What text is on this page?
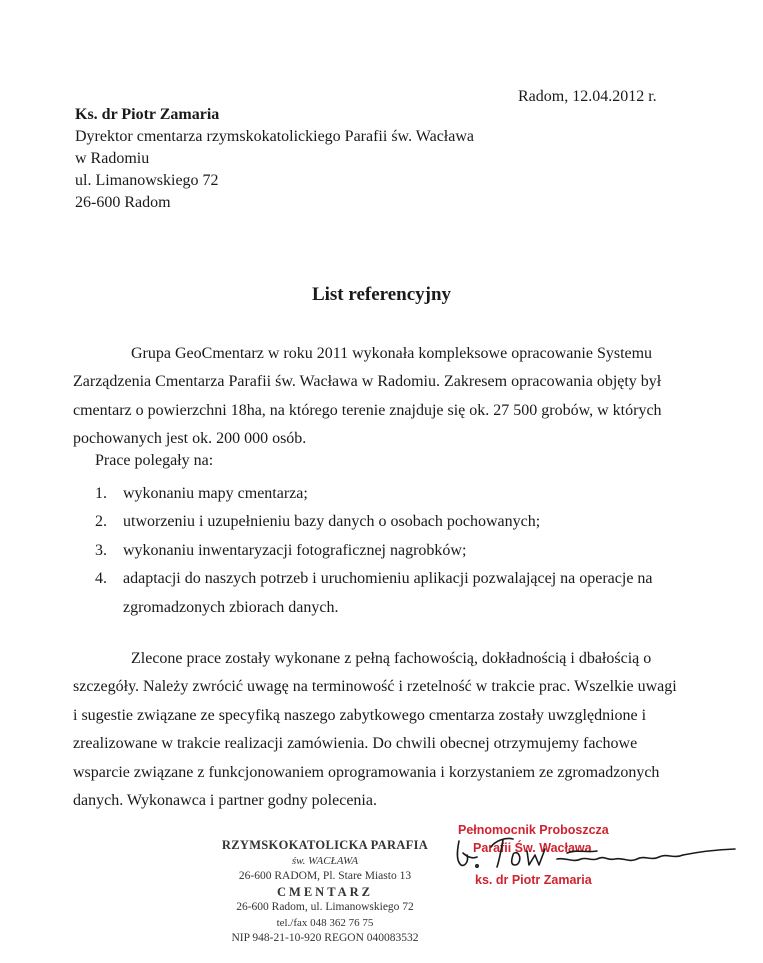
Radom, 12.04.2012 r.
Ks. dr Piotr Zamaria
Dyrektor cmentarza rzymskokatolickiego Parafii św. Wacława
w Radomiu
ul. Limanowskiego 72
26-600 Radom
List referencyjny
Grupa GeoCmentarz w roku 2011 wykonała kompleksowe opracowanie Systemu
Zarządzenia Cmentarza Parafii św. Wacława w Radomiu. Zakresem opracowania objęty był
cmentarz o powierzchni 18ha, na którego terenie znajduje się ok. 27 500 grobów, w których
pochowanych jest ok. 200 000 osób.
Prace polegały na:
1. wykonaniu mapy cmentarza;
2. utworzeniu i uzupełnieniu bazy danych o osobach pochowanych;
3. wykonaniu inwentaryzacji fotograficznej nagrobków;
4. adaptacji do naszych potrzeb i uruchomieniu aplikacji pozwalającej na operacje na
zgromadzonych zbiorach danych.
Zlecone prace zostały wykonane z pełną fachowością, dokładnością i dbałością o
szczegóły. Należy zwrócić uwagę na terminowość i rzetelność w trakcie prac. Wszelkie uwagi
i sugestie związane ze specyfiką naszego zabytkowego cmentarza zostały uwzględnione i
zrealizowane w trakcie realizacji zamówienia. Do chwili obecnej otrzymujemy fachowe
wsparcie związane z funkcjonowaniem oprogramowania i korzystaniem ze zgromadzonych
danych. Wykonawca i partner godny polecenia.
RZYMSKOKATOLICKA PARAFIA
św. WACŁAWA
26-600 RADOM, Pl. Stare Miasto 13
CMENTARZ
26-600 Radom, ul. Limanowskiego 72
tel./fax 048 362 76 75
NIP 948-21-10-920 REGON 040083532
Pełnomocnik Proboszcza
Parafii Św. Wacława
ks. dr Piotr Zamaria
